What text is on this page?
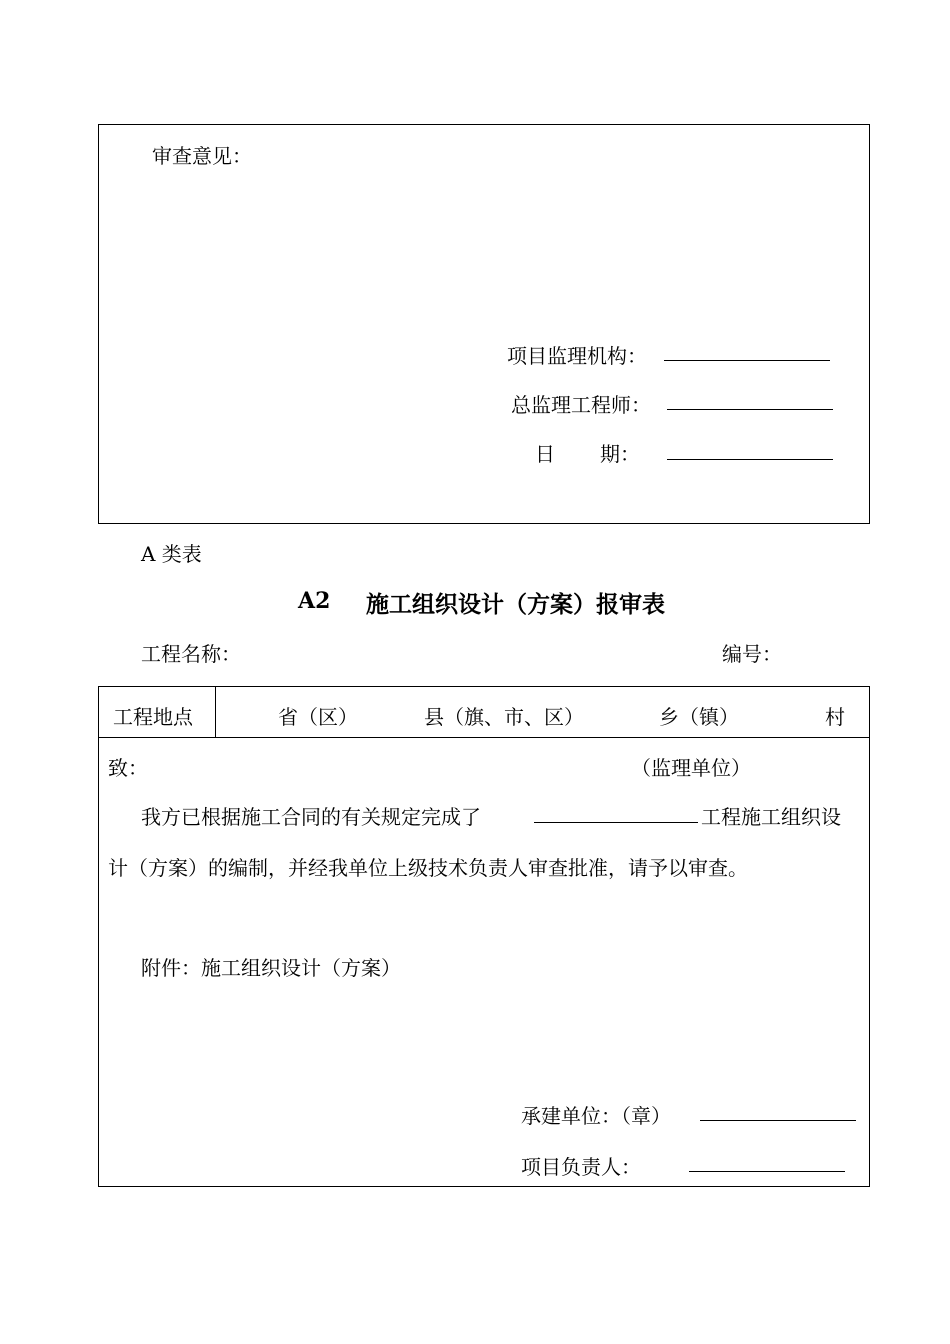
审查意见：
项目监理机构：
总监理工程师：
日 期：
A 类表
A2 施工组织设计（方案）报审表
工程名称：	编号：
工程地点	省（区）	县（旗、市、区）	乡（镇）	村
致：	（监理单位）
我方已根据施工合同的有关规定完成了	工程施工组织设
计（方案）的编制，并经我单位上级技术负责人审查批准，请予以审查。
附件：施工组织设计（方案）
承建单位：（章）
项目负责人：
